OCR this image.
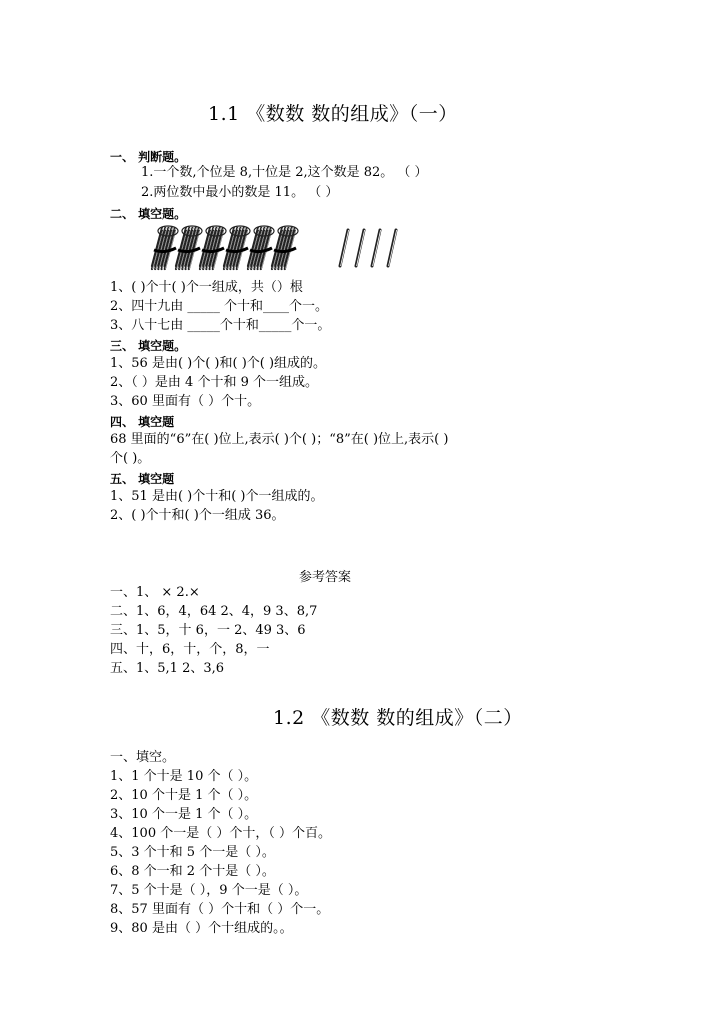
1.1 《数数 数的组成》（一）
一、 判断题。
1.一个数,个位是 8,十位是 2,这个数是 82。 （ ）
2.两位数中最小的数是 11。 （ ）
二、 填空题。
1、( )个十( )个一组成，共（）根
2、四十九由 _____ 个十和____个一。
3、八十七由 _____个十和_____个一。
三、 填空题。
1、56 是由( )个( )和( )个( )组成的。
2、（ ）是由 4 个十和 9 个一组成。
3、60 里面有（ ）个十。
四、 填空题
68 里面的“6”在( )位上,表示( )个( )；“8”在( )位上,表示( )
个( )。
五、 填空题
1、51 是由( )个十和( )个一组成的。
2、( )个十和( )个一组成 36。
参考答案
一、1、 × 2.×
二、1、6，4，64 2、4，9 3、8,7
三、1、5，十 6，一 2、49 3、6
四、十，6，十，个，8，一
五、1、5,1 2、3,6
1.2 《数数 数的组成》（二）
一、填空。
1、1 个十是 10 个（ ）。
2、10 个十是 1 个（ ）。
3、10 个一是 1 个（ ）。
4、100 个一是（ ）个十，（ ）个百。
5、3 个十和 5 个一是（ ）。
6、8 个一和 2 个十是（ ）。
7、5 个十是（ ），9 个一是（ ）。
8、57 里面有（ ）个十和（ ）个一。
9、80 是由（ ）个十组成的。。
